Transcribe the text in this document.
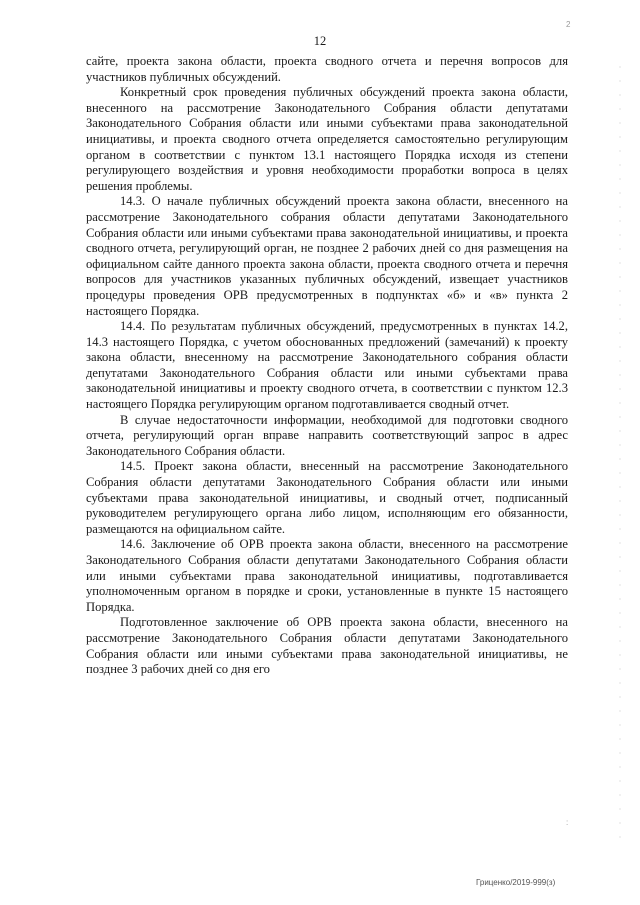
2
12

сайте, проекта закона области, проекта сводного отчета и перечня вопросов для участников публичных обсуждений.

Конкретный срок проведения публичных обсуждений проекта закона области, внесенного на рассмотрение Законодательного Собрания области депутатами Законодательного Собрания области или иными субъектами права законодательной инициативы, и проекта сводного отчета определяется самостоятельно регулирующим органом в соответствии с пунктом 13.1 настоящего Порядка исходя из степени регулирующего воздействия и уровня необходимости проработки вопроса в целях решения проблемы.

14.3. О начале публичных обсуждений проекта закона области, внесенного на рассмотрение Законодательного собрания области депутатами Законодательного Собрания области или иными субъектами права законодательной инициативы, и проекта сводного отчета, регулирующий орган, не позднее 2 рабочих дней со дня размещения на официальном сайте данного проекта закона области, проекта сводного отчета и перечня вопросов для участников указанных публичных обсуждений, извещает участников процедуры проведения ОРВ предусмотренных в подпунктах «б» и «в» пункта 2 настоящего Порядка.

14.4. По результатам публичных обсуждений, предусмотренных в пунктах 14.2, 14.3 настоящего Порядка, с учетом обоснованных предложений (замечаний) к проекту закона области, внесенному на рассмотрение Законодательного собрания области депутатами Законодательного Собрания области или иными субъектами права законодательной инициативы и проекту сводного отчета, в соответствии с пунктом 12.3 настоящего Порядка регулирующим органом подготавливается сводный отчет.

В случае недостаточности информации, необходимой для подготовки сводного отчета, регулирующий орган вправе направить соответствующий запрос в адрес Законодательного Собрания области.

14.5. Проект закона области, внесенный на рассмотрение Законодательного Собрания области депутатами Законодательного Собрания области или иными субъектами права законодательной инициативы, и сводный отчет, подписанный руководителем регулирующего органа либо лицом, исполняющим его обязанности, размещаются на официальном сайте.

14.6. Заключение об ОРВ проекта закона области, внесенного на рассмотрение Законодательного Собрания области депутатами Законодательного Собрания области или иными субъектами права законодательной инициативы, подготавливается уполномоченным органом в порядке и сроки, установленные в пункте 15 настоящего Порядка.

Подготовленное заключение об ОРВ проекта закона области, внесенного на рассмотрение Законодательного Собрания области депутатами Законодательного Собрания области или иными субъектами права законодательной инициативы, не позднее 3 рабочих дней со дня его

:
Гриценко/2019-999(з)
